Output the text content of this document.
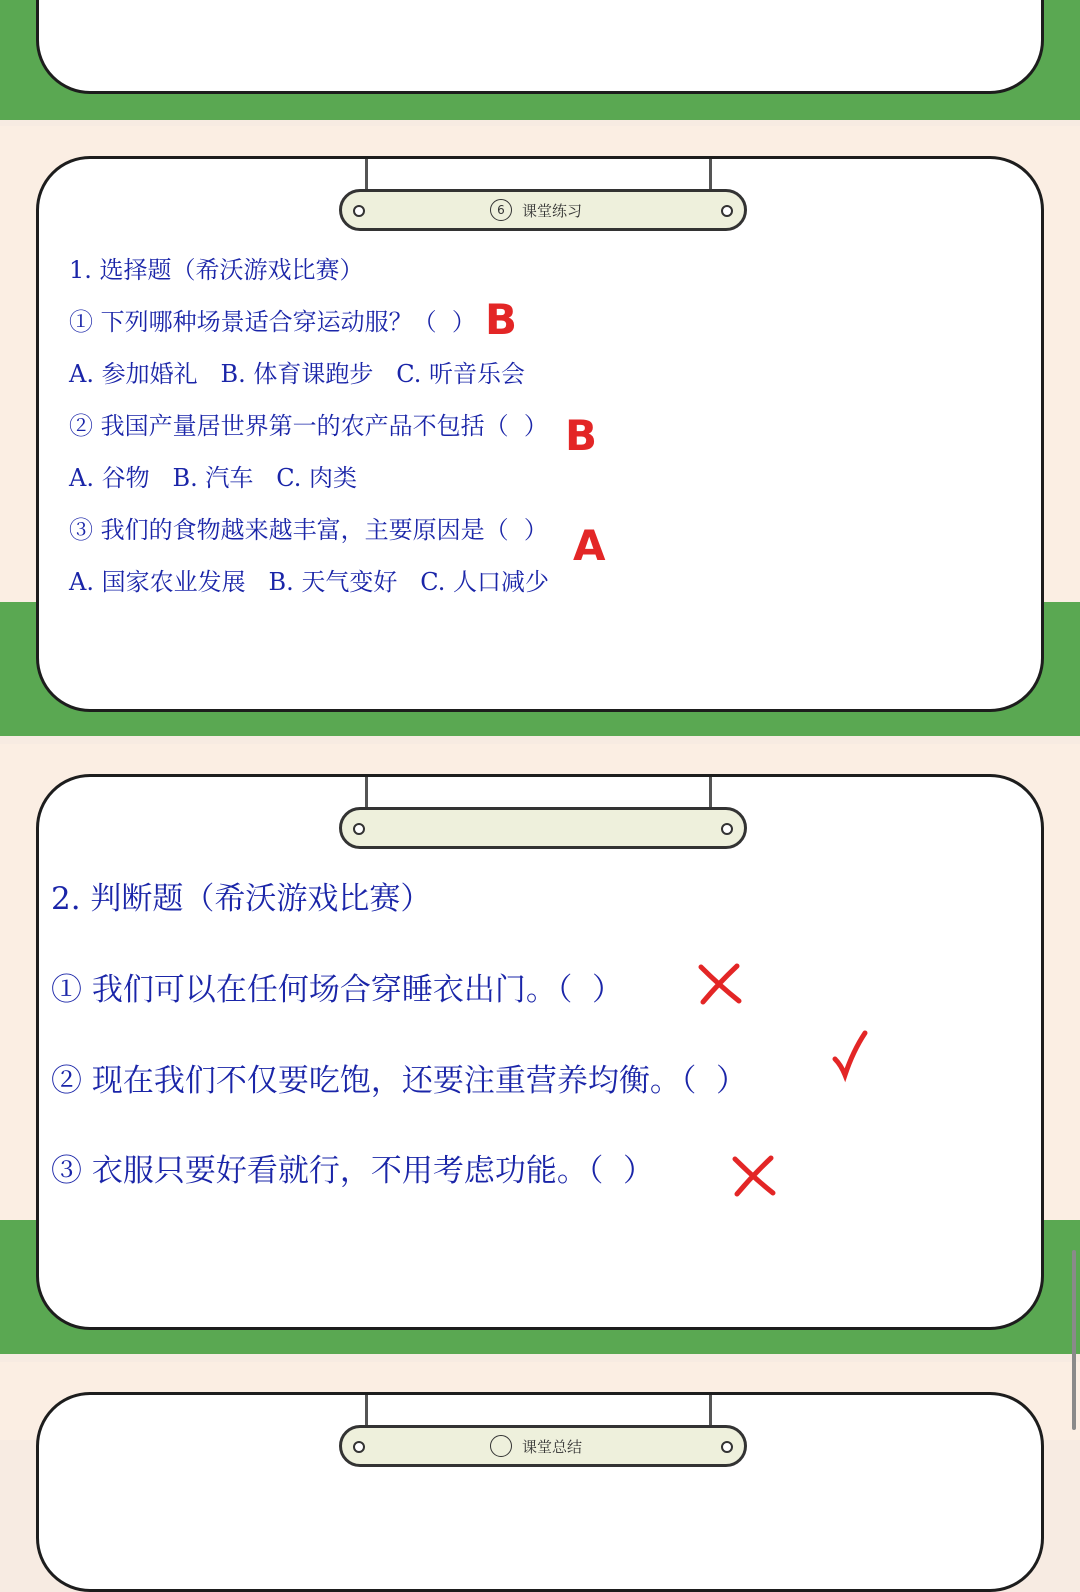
6	课堂练习
1. 选择题（希沃游戏比赛）
① 下列哪种场景适合穿运动服？（  ）
A. 参加婚礼   B. 体育课跑步   C. 听音乐会
② 我国产量居世界第一的农产品不包括（  ）
A. 谷物   B. 汽车   C. 肉类
③ 我们的食物越来越丰富，主要原因是（  ）
A. 国家农业发展   B. 天气变好   C. 人口减少
B
B
A
2. 判断题（希沃游戏比赛）
① 我们可以在任何场合穿睡衣出门。（  ）
② 现在我们不仅要吃饱，还要注重营养均衡。（  ）
③ 衣服只要好看就行，不用考虑功能。（  ）
课堂总结
